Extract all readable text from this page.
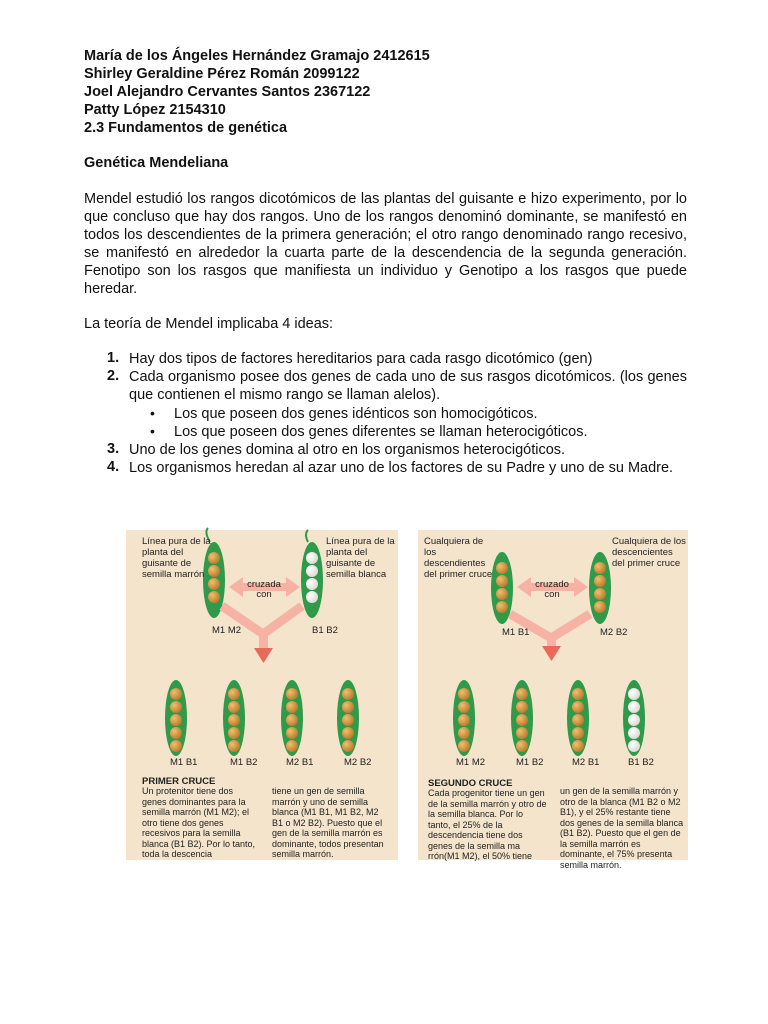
María de los Ángeles Hernández Gramajo 2412615
Shirley Geraldine Pérez Román 2099122
Joel Alejandro Cervantes Santos 2367122
Patty López 2154310
2.3 Fundamentos de genética
Genética Mendeliana
Mendel estudió los rangos dicotómicos de las plantas del guisante e hizo experimento, por lo que concluso que hay dos rangos. Uno de los rangos denominó dominante, se manifestó en todos los descendientes de la primera generación; el otro rango denominado rango recesivo, se manifestó en alrededor la cuarta parte de la descendencia de la segunda generación. Fenotipo son los rasgos que manifiesta un individuo y Genotipo a los rasgos que puede heredar.
La teoría de Mendel implicaba 4 ideas:
1. Hay dos tipos de factores hereditarios para cada rasgo dicotómico (gen)
2. Cada organismo posee dos genes de cada uno de sus rasgos dicotómicos. (los genes que contienen el mismo rango se llaman alelos).
• Los que poseen dos genes idénticos son homocigóticos.
• Los que poseen dos genes diferentes se llaman heterocigóticos.
3. Uno de los genes domina al otro en los organismos heterocigóticos.
4. Los organismos heredan al azar uno de los factores de su Padre y uno de su Madre.
Línea pura de la planta del guisante de semilla marrón
Línea pura de la planta del guisante de semilla blanca
cruzada con
M1 M2	B1 B2
M1 B1	M1 B2	M2 B1	M2 B2
PRIMER CRUCE
Un protenitor tiene dos genes dominantes para la semilla marrón (M1 M2); el otro tiene dos genes recesivos para la semilla blanca (B1 B2). Por lo tanto, toda la descencia
tiene un gen de semilla marrón y uno de semilla blanca (M1 B1, M1 B2, M2 B1 o M2 B2). Puesto que el gen de la semilla marrón es dominante, todos presentan semilla marrón.
Cualquiera de los descendientes del primer cruce
Cualquiera de los descencientes del primer cruce
cruzado con
M1 B1	M2 B2
M1 M2	M1 B2	M2 B1	B1 B2
SEGUNDO CRUCE
Cada progenitor tiene un gen de la semilla marrón y otro de la semilla blanca. Por lo tanto, el 25% de la descendencia tiene dos genes de la semilla ma rrón(M1 M2), el 50% tiene
un gen de la semilla marrón y otro de la blanca (M1 B2 o M2 B1), y el 25% restante tiene dos genes de la semilla blanca (B1 B2). Puesto que el gen de la semilla marrón es dominante, el 75% presenta semilla marrón.
